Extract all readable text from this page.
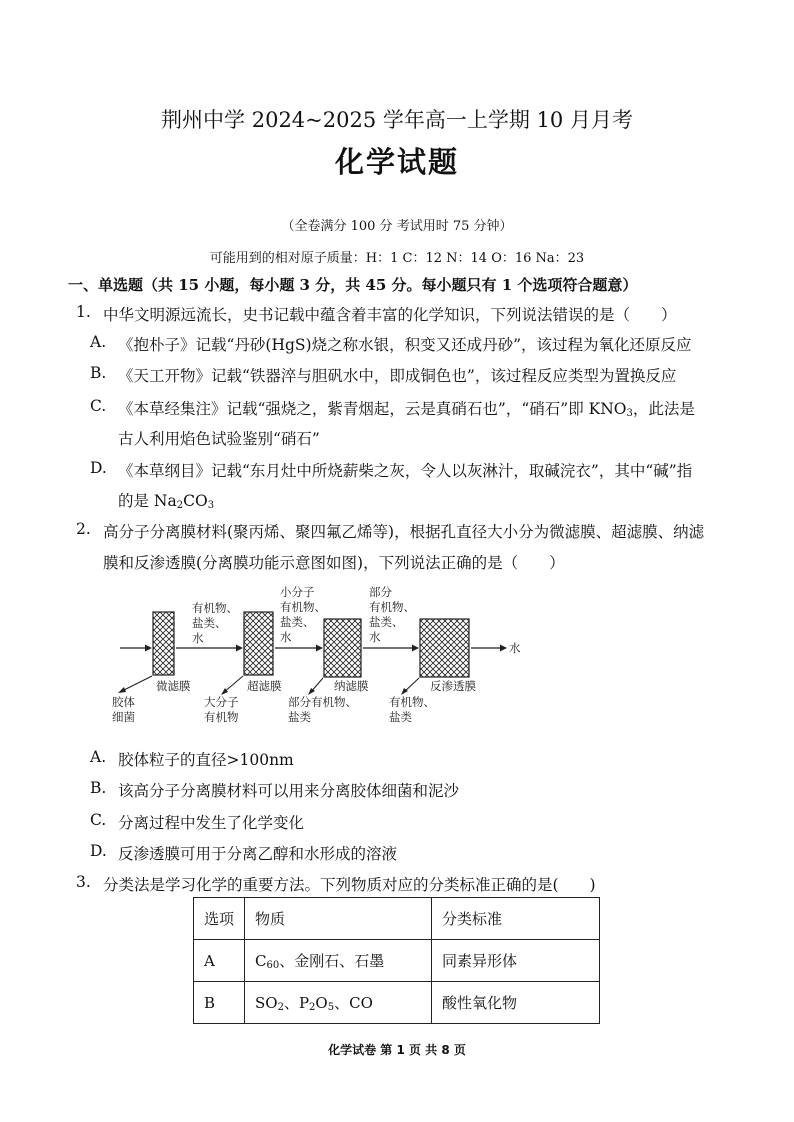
荆州中学 2024~2025 学年高一上学期 10 月月考
化学试题
（全卷满分 100 分 考试用时 75 分钟）
可能用到的相对原子质量：H：1 C：12 N：14 O：16 Na：23
一、单选题（共 15 小题，每小题 3 分，共 45 分。每小题只有 1 个选项符合题意）
1. 中华文明源远流长，史书记载中蕴含着丰富的化学知识，下列说法错误的是（　　）
A. 《抱朴子》记载“丹砂(HgS)烧之称水银，积变又还成丹砂”，该过程为氧化还原反应
B. 《天工开物》记载“铁器淬与胆矾水中，即成铜色也”，该过程反应类型为置换反应
C. 《本草经集注》记载“强烧之，紫青烟起，云是真硝石也”，“硝石”即 $KNO_3$，此法是
古人利用焰色试验鉴别“硝石”
D. 《本草纲目》记载“东月灶中所烧薪柴之灰，令人以灰淋汁，取碱浣衣”，其中“碱”指
的是 $Na_2CO_3$
2. 高分子分离膜材料(聚丙烯、聚四氟乙烯等)，根据孔直径大小分为微滤膜、超滤膜、纳滤
膜和反渗透膜(分离膜功能示意图如图)，下列说法正确的是（　　）
水
微滤膜	超滤膜	纳滤膜	反渗透膜
有机物、
盐类、
水
小分子
有机物、
盐类、
水
部分
有机物、
盐类、
水
胶体
细菌
大分子
有机物
部分有机物、
盐类
有机物、
盐类
A. 胶体粒子的直径>100nm
B. 该高分子分离膜材料可以用来分离胶体细菌和泥沙
C. 分离过程中发生了化学变化
D. 反渗透膜可用于分离乙醇和水形成的溶液
3. 分类法是学习化学的重要方法。下列物质对应的分类标准正确的是(　　)
选项	物质	分类标准
A	$C_{60}$、金刚石、石墨	同素异形体
B	$SO_2$、$P_2O_5$、CO	酸性氧化物
化学试卷 第 1 页 共 8 页
